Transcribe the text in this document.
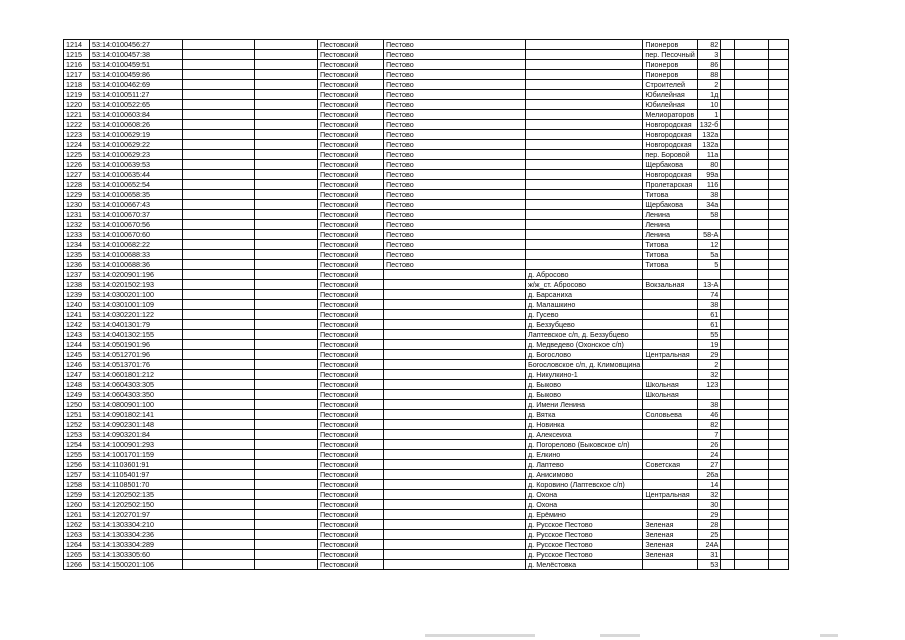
1214	53:14:0100456:27			Пестовский	Пестово		Пионеров	82			
1215	53:14:0100457:38			Пестовский	Пестово		пер. Песочный	3			
1216	53:14:0100459:51			Пестовский	Пестово		Пионеров	86			
1217	53:14:0100459:86			Пестовский	Пестово		Пионеров	88			
1218	53:14:0100462:69			Пестовский	Пестово		Строителей	2			
1219	53:14:0100511:27			Пестовский	Пестово		Юбилейная	1д			
1220	53:14:0100522:65			Пестовский	Пестово		Юбилейная	10			
1221	53:14:0100603:84			Пестовский	Пестово		Мелиораторов	1			
1222	53:14:0100608:26			Пестовский	Пестово		Новгородская	132-б			
1223	53:14:0100629:19			Пестовский	Пестово		Новгородская	132а			
1224	53:14:0100629:22			Пестовский	Пестово		Новгородская	132а			
1225	53:14:0100629:23			Пестовский	Пестово		пер. Боровой	11а			
1226	53:14:0100639:53			Пестовский	Пестово		Щербакова	80			
1227	53:14:0100635:44			Пестовский	Пестово		Новгородская	99а			
1228	53:14:0100652:54			Пестовский	Пестово		Пролетарская	116			
1229	53:14:0100658:35			Пестовский	Пестово		Титова	38			
1230	53:14:0100667:43			Пестовский	Пестово		Щербакова	34а			
1231	53:14:0100670:37			Пестовский	Пестово		Ленина	58			
1232	53:14:0100670:56			Пестовский	Пестово		Ленина				
1233	53:14:0100670:60			Пестовский	Пестово		Ленина	58-А			
1234	53:14:0100682:22			Пестовский	Пестово		Титова	12			
1235	53:14:0100688:33			Пестовский	Пестово		Титова	5а			
1236	53:14:0100688:36			Пестовский	Пестово		Титова	5			
1237	53:14:0200901:196			Пестовский		д. Абросово					
1238	53:14:0201502:193			Пестовский		ж/ж_ст. Абросово	Вокзальная	13-А			
1239	53:14:0300201:100			Пестовский		д. Барсаниха		74			
1240	53:14:0301001:109			Пестовский		д. Малашкино		38			
1241	53:14:0302201:122			Пестовский		д. Гусево		61			
1242	53:14:0401301:79			Пестовский		д. Беззубцево		61			
1243	53:14:0401302:155			Пестовский		Лаптевское с/п, д. Беззубцево		55			
1244	53:14:0501901:96			Пестовский		д. Медведево (Охонское с/п)		19			
1245	53:14:0512701:96			Пестовский		д. Богослово	Центральная	29			
1246	53:14:0513701:76			Пестовский		Богословское с/п, д. Климовщина		2			
1247	53:14:0601801:212			Пестовский		д. Никулкино-1		32			
1248	53:14:0604303:305			Пестовский		д. Быково	Школьная	123			
1249	53:14:0604303:350			Пестовский		д. Быково	Школьная				
1250	53:14:0800901:100			Пестовский		д. Имени Ленина		38			
1251	53:14:0901802:141			Пестовский		д. Вятка	Соловьева	46			
1252	53:14:0902301:148			Пестовский		д. Новинка		82			
1253	53:14:0903201:84			Пестовский		д. Алексеиха		7			
1254	53:14:1000901:293			Пестовский		д. Погорелово (Быковское с/п)		26			
1255	53:14:1001701:159			Пестовский		д. Елкино		24			
1256	53:14:1103601:91			Пестовский		д. Лаптево	Советская	27			
1257	53:14:1105401:97			Пестовский		д. Анисимово		26а			
1258	53:14:1108501:70			Пестовский		д. Коровино (Лаптевское с/п)		14			
1259	53:14:1202502:135			Пестовский		д. Охона	Центральная	32			
1260	53:14:1202502:150			Пестовский		д. Охона		30			
1261	53:14:1202701:97			Пестовский		д. Ерёмино		29			
1262	53:14:1303304:210			Пестовский		д. Русское Пестово	Зеленая	28			
1263	53:14:1303304:236			Пестовский		д. Русское Пестово	Зеленая	25			
1264	53:14:1303304:289			Пестовский		д. Русское Пестово	Зеленая	24А			
1265	53:14:1303305:60			Пестовский		д. Русское Пестово	Зеленая	31			
1266	53:14:1500201:106			Пестовский		д. Мелёстовка		53			
